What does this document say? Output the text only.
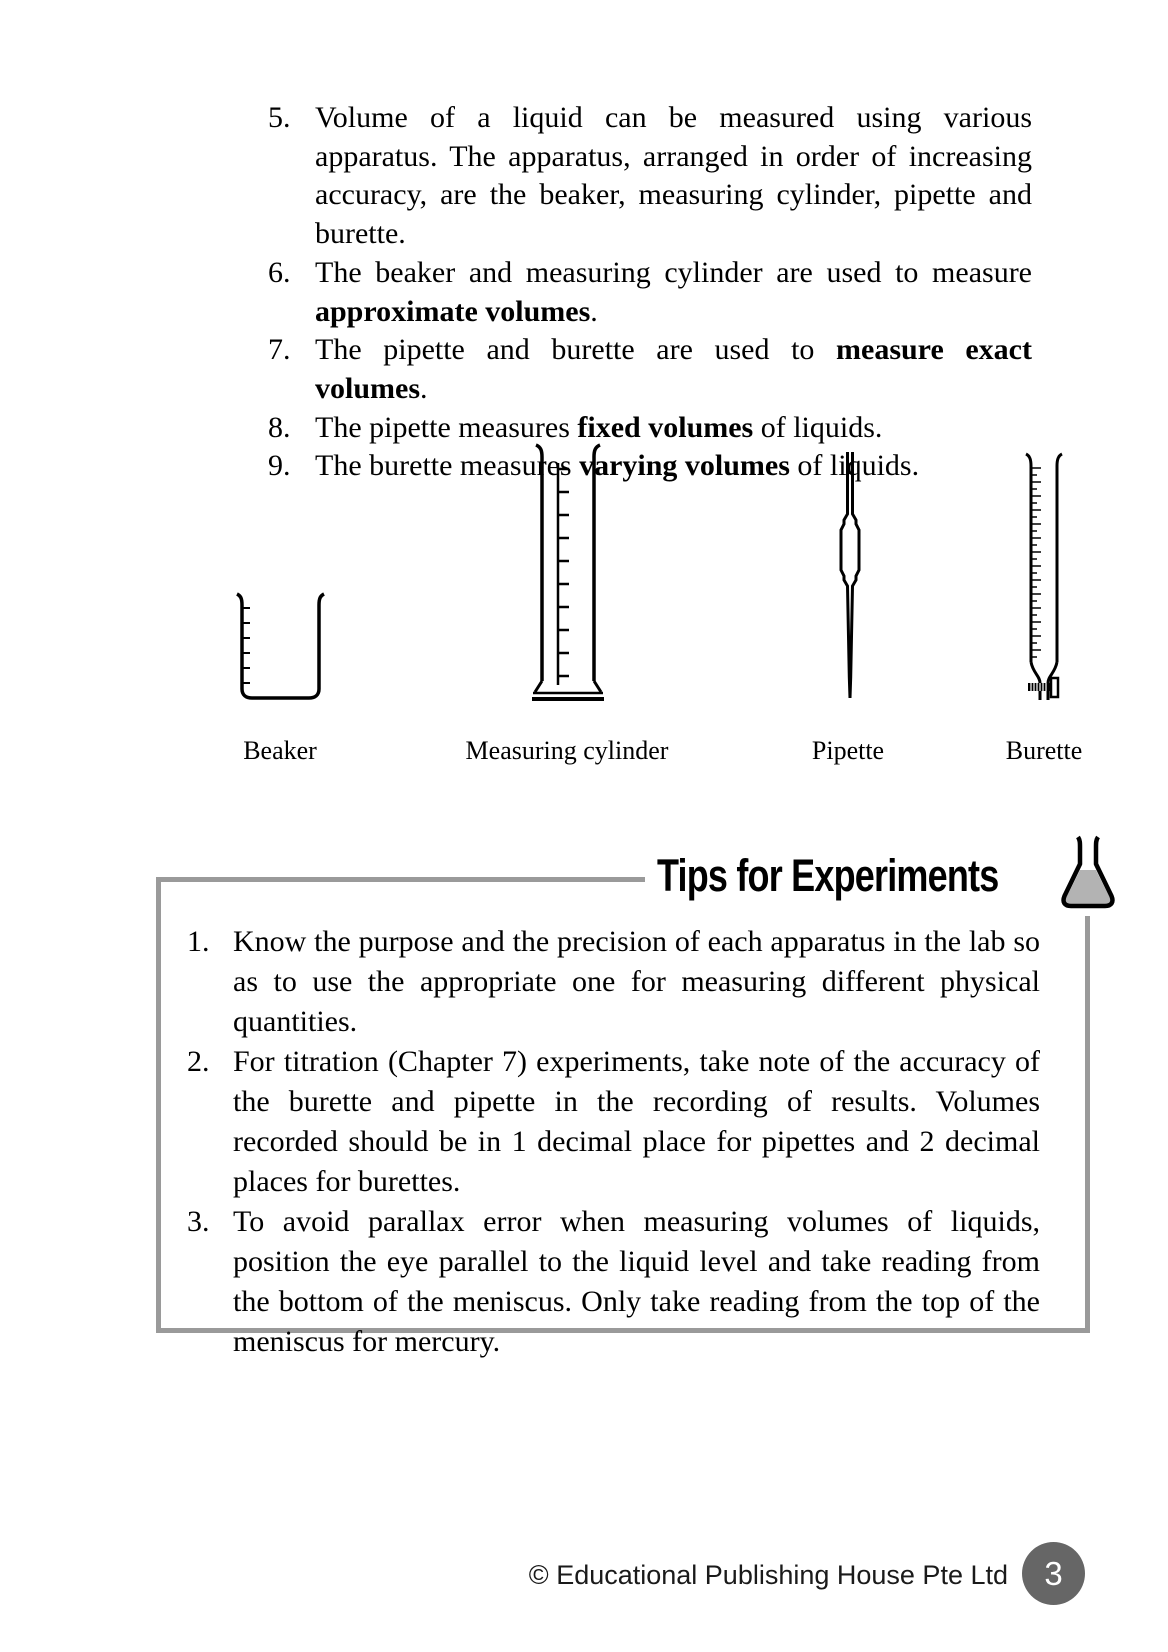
5. Volume of a liquid can be measured using various apparatus. The apparatus, arranged in order of increasing accuracy, are the beaker, measuring cylinder, pipette and burette.
6. The beaker and measuring cylinder are used to measure approximate volumes.
7. The pipette and burette are used to measure exact volumes.
8. The pipette measures fixed volumes of liquids.
9. The burette measures varying volumes of liquids.
Beaker	Measuring cylinder	Pipette	Burette
Tips for Experiments
1. Know the purpose and the precision of each apparatus in the lab so as to use the appropriate one for measuring different physical quantities.
2. For titration (Chapter 7) experiments, take note of the accuracy of the burette and pipette in the recording of results. Volumes recorded should be in 1 decimal place for pipettes and 2 decimal places for burettes.
3. To avoid parallax error when measuring volumes of liquids, position the eye parallel to the liquid level and take reading from the bottom of the meniscus. Only take reading from the top of the meniscus for mercury.
© Educational Publishing House Pte Ltd 3
